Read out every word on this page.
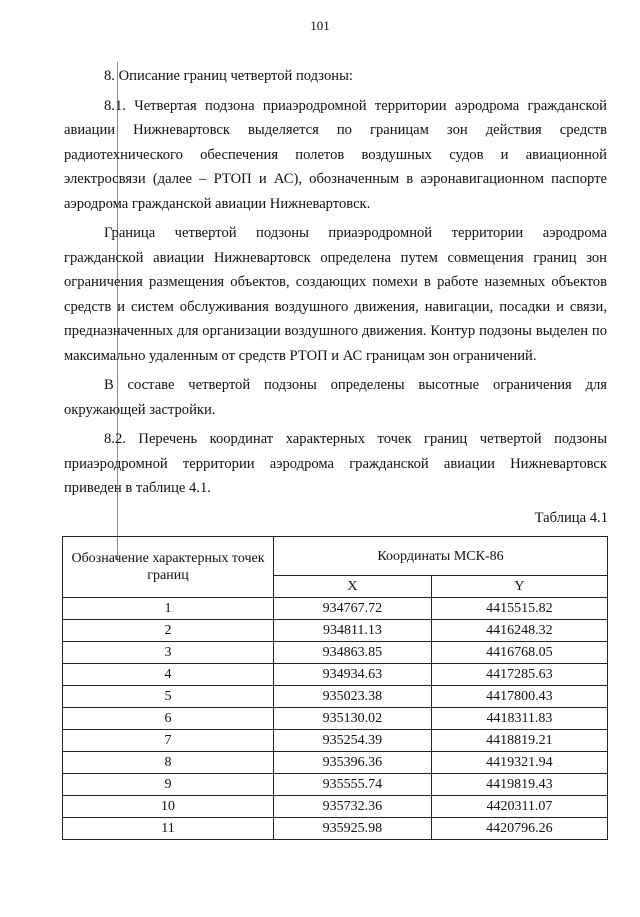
101

8. Описание границ четвертой подзоны:

8.1. Четвертая подзона приаэродромной территории аэродрома гражданской авиации Нижневартовск выделяется по границам зон действия средств радиотехнического обеспечения полетов воздушных судов и авиационной электросвязи (далее – РТОП и АС), обозначенным в аэронавигационном паспорте аэродрома гражданской авиации Нижневартовск.

Граница четвертой подзоны приаэродромной территории аэродрома гражданской авиации Нижневартовск определена путем совмещения границ зон ограничения размещения объектов, создающих помехи в работе наземных объектов средств и систем обслуживания воздушного движения, навигации, посадки и связи, предназначенных для организации воздушного движения. Контур подзоны выделен по максимально удаленным от средств РТОП и АС границам зон ограничений.

В составе четвертой подзоны определены высотные ограничения для окружающей застройки.

8.2. Перечень координат характерных точек границ четвертой подзоны приаэродромной территории аэродрома гражданской авиации Нижневартовск приведен в таблице 4.1.

Таблица 4.1
Обозначение характерных точек границ	Координаты МСК-86	
	X	Y
1	934767.72	4415515.82
2	934811.13	4416248.32
3	934863.85	4416768.05
4	934934.63	4417285.63
5	935023.38	4417800.43
6	935130.02	4418311.83
7	935254.39	4418819.21
8	935396.36	4419321.94
9	935555.74	4419819.43
10	935732.36	4420311.07
11	935925.98	4420796.26
